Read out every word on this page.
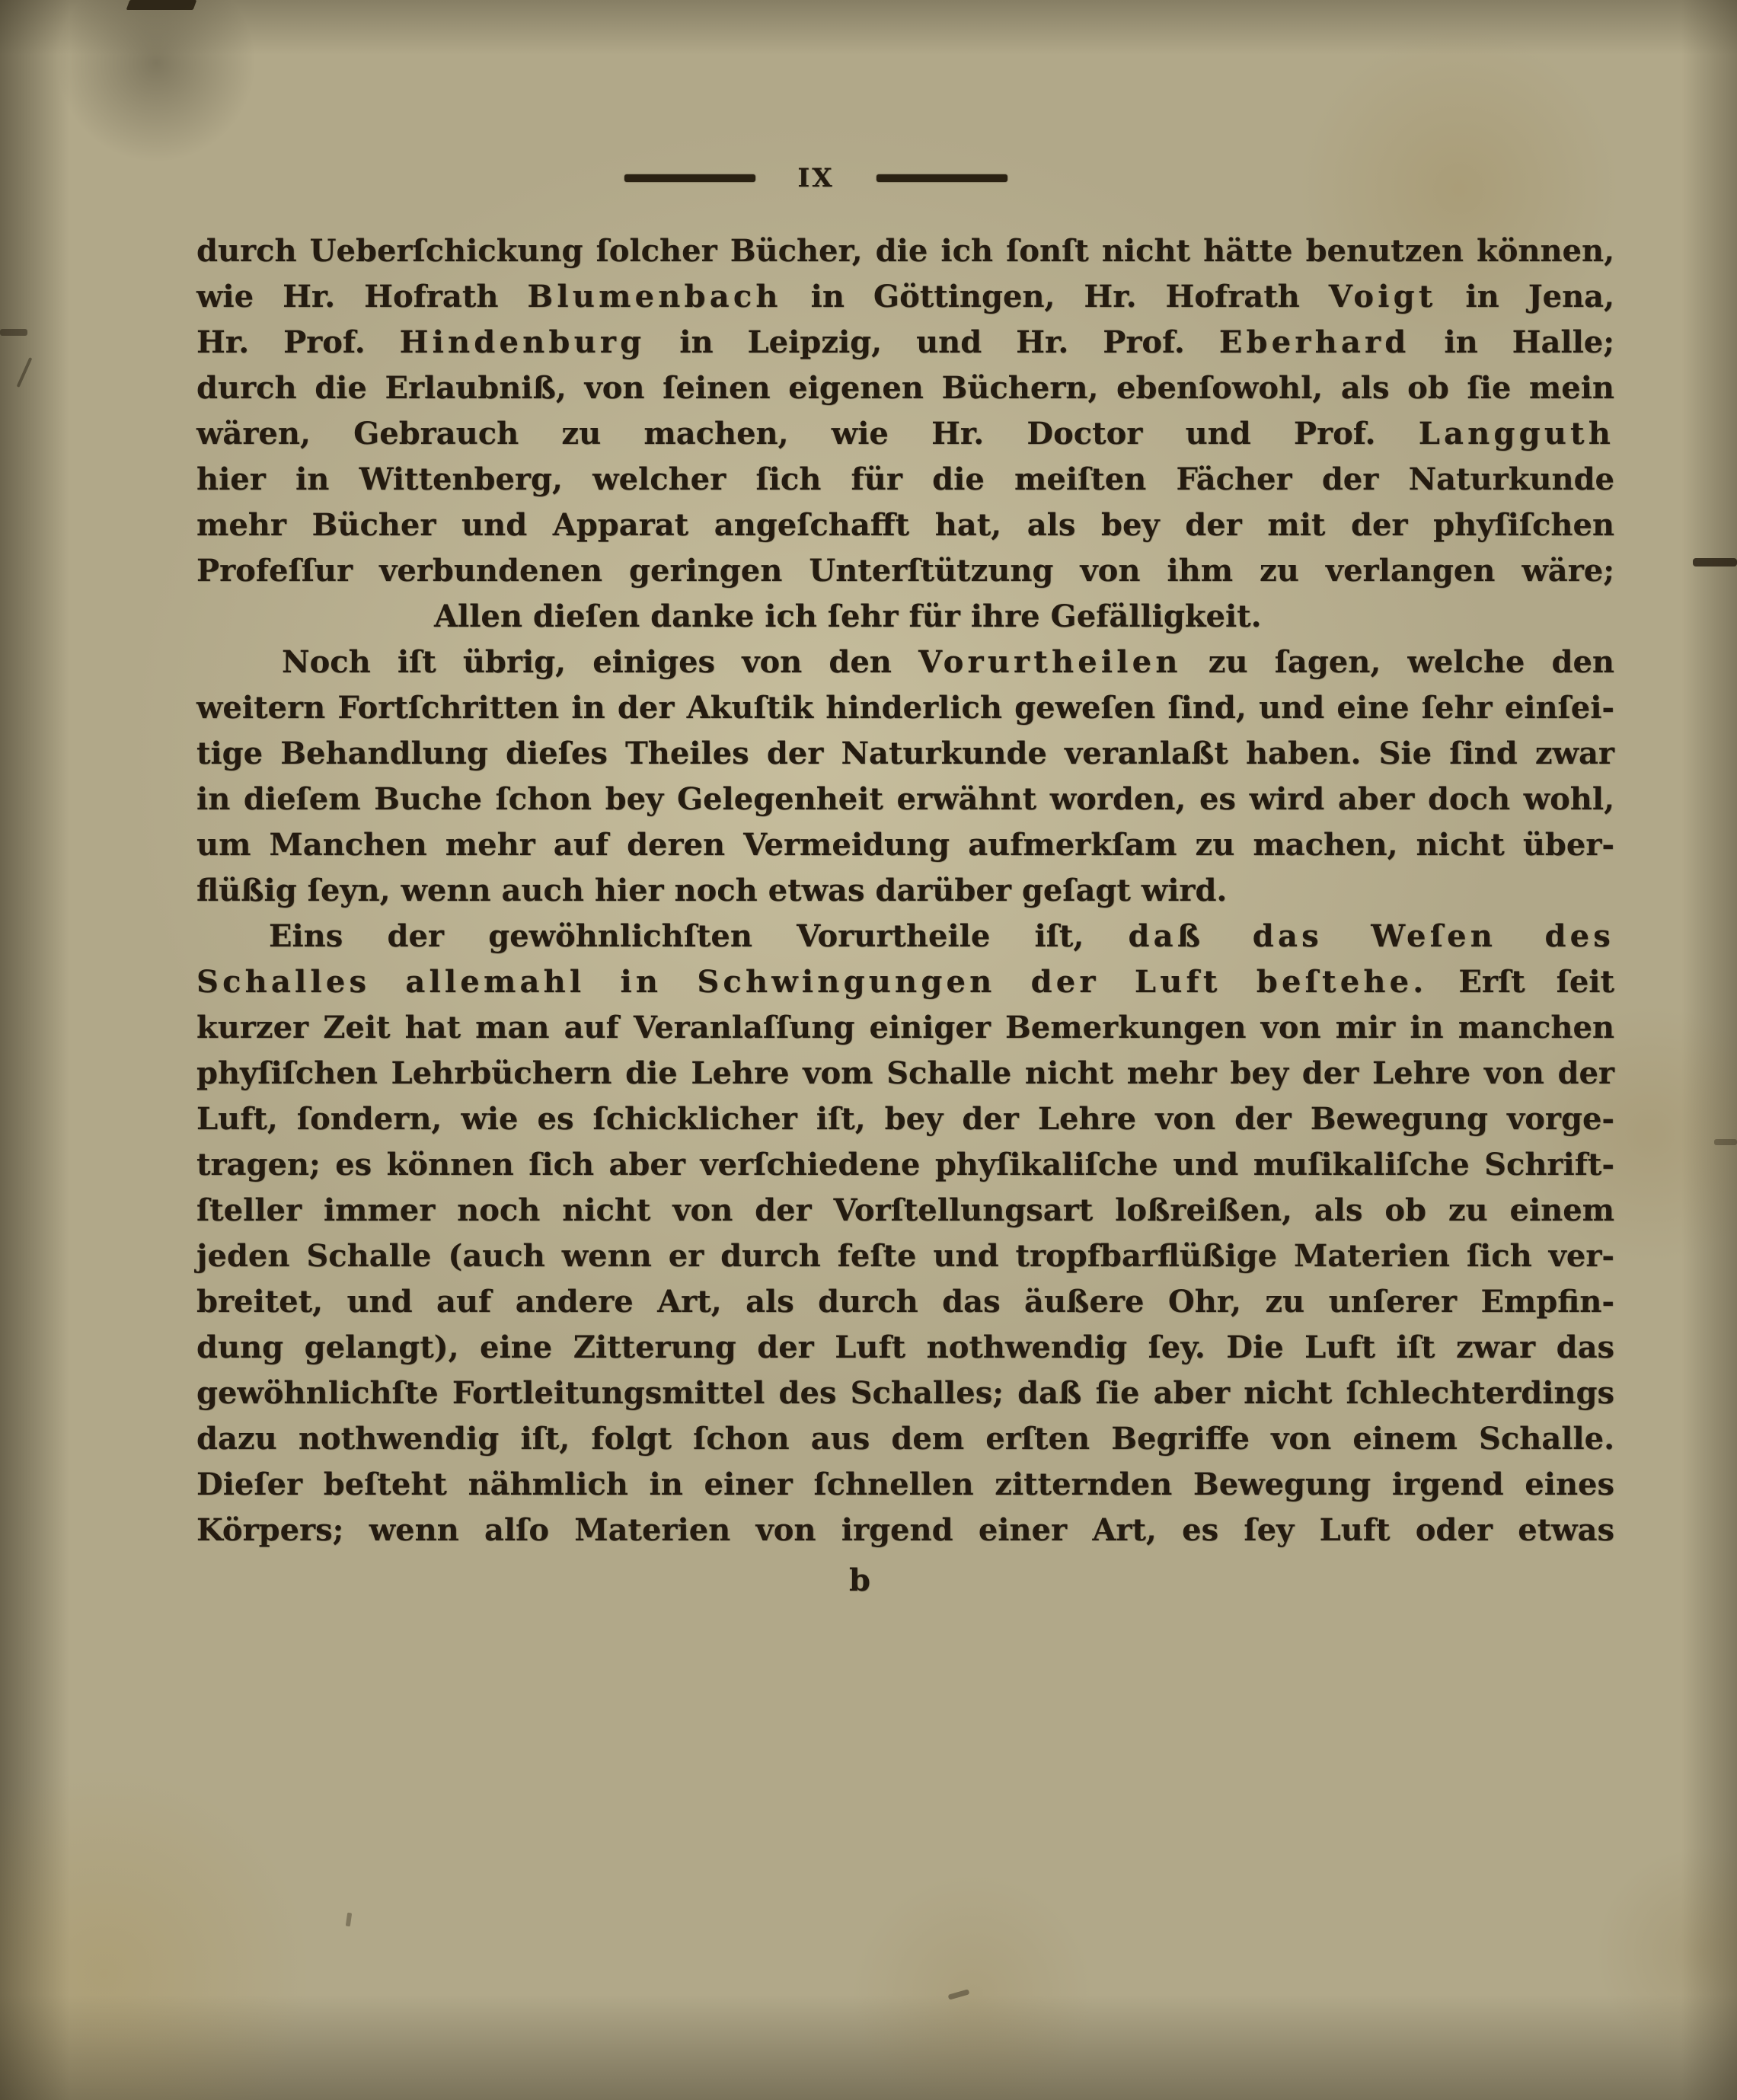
IX
durch Ueberſchickung ſolcher Bücher, die ich ſonſt nicht hätte benutzen können,
wie Hr. Hofrath Blumenbach in Göttingen, Hr. Hofrath Voigt in Jena,
Hr. Prof. Hindenburg in Leipzig, und Hr. Prof. Eberhard in Halle;
durch die Erlaubniß, von ſeinen eigenen Büchern, ebenſowohl, als ob ſie mein
wären, Gebrauch zu machen, wie Hr. Doctor und Prof. Langguth
hier in Wittenberg, welcher ſich für die meiſten Fächer der Naturkunde
mehr Bücher und Apparat angeſchafft hat, als bey der mit der phyſiſchen
Profeſſur verbundenen geringen Unterſtützung von ihm zu verlangen wäre;
Allen dieſen danke ich ſehr für ihre Gefälligkeit.
Noch iſt übrig, einiges von den Vorurtheilen zu ſagen, welche den
weitern Fortſchritten in der Akuſtik hinderlich geweſen ſind, und eine ſehr einſei-
tige Behandlung dieſes Theiles der Naturkunde veranlaßt haben. Sie ſind zwar
in dieſem Buche ſchon bey Gelegenheit erwähnt worden, es wird aber doch wohl,
um Manchen mehr auf deren Vermeidung aufmerkſam zu machen, nicht über-
flüßig ſeyn, wenn auch hier noch etwas darüber geſagt wird.
Eins der gewöhnlichſten Vorurtheile iſt, daß das Weſen des
Schalles allemahl in Schwingungen der Luft beſtehe. Erſt ſeit
kurzer Zeit hat man auf Veranlaſſung einiger Bemerkungen von mir in manchen
phyſiſchen Lehrbüchern die Lehre vom Schalle nicht mehr bey der Lehre von der
Luft, ſondern, wie es ſchicklicher iſt, bey der Lehre von der Bewegung vorge-
tragen; es können ſich aber verſchiedene phyſikaliſche und muſikaliſche Schrift-
ſteller immer noch nicht von der Vorſtellungsart loßreißen, als ob zu einem
jeden Schalle (auch wenn er durch feſte und tropfbarflüßige Materien ſich ver-
breitet, und auf andere Art, als durch das äußere Ohr, zu unſerer Empfin-
dung gelangt), eine Zitterung der Luft nothwendig ſey. Die Luft iſt zwar das
gewöhnlichſte Fortleitungsmittel des Schalles; daß ſie aber nicht ſchlechterdings
dazu nothwendig iſt, folgt ſchon aus dem erſten Begriffe von einem Schalle.
Dieſer beſteht nähmlich in einer ſchnellen zitternden Bewegung irgend eines
Körpers; wenn alſo Materien von irgend einer Art, es ſey Luft oder etwas
b
